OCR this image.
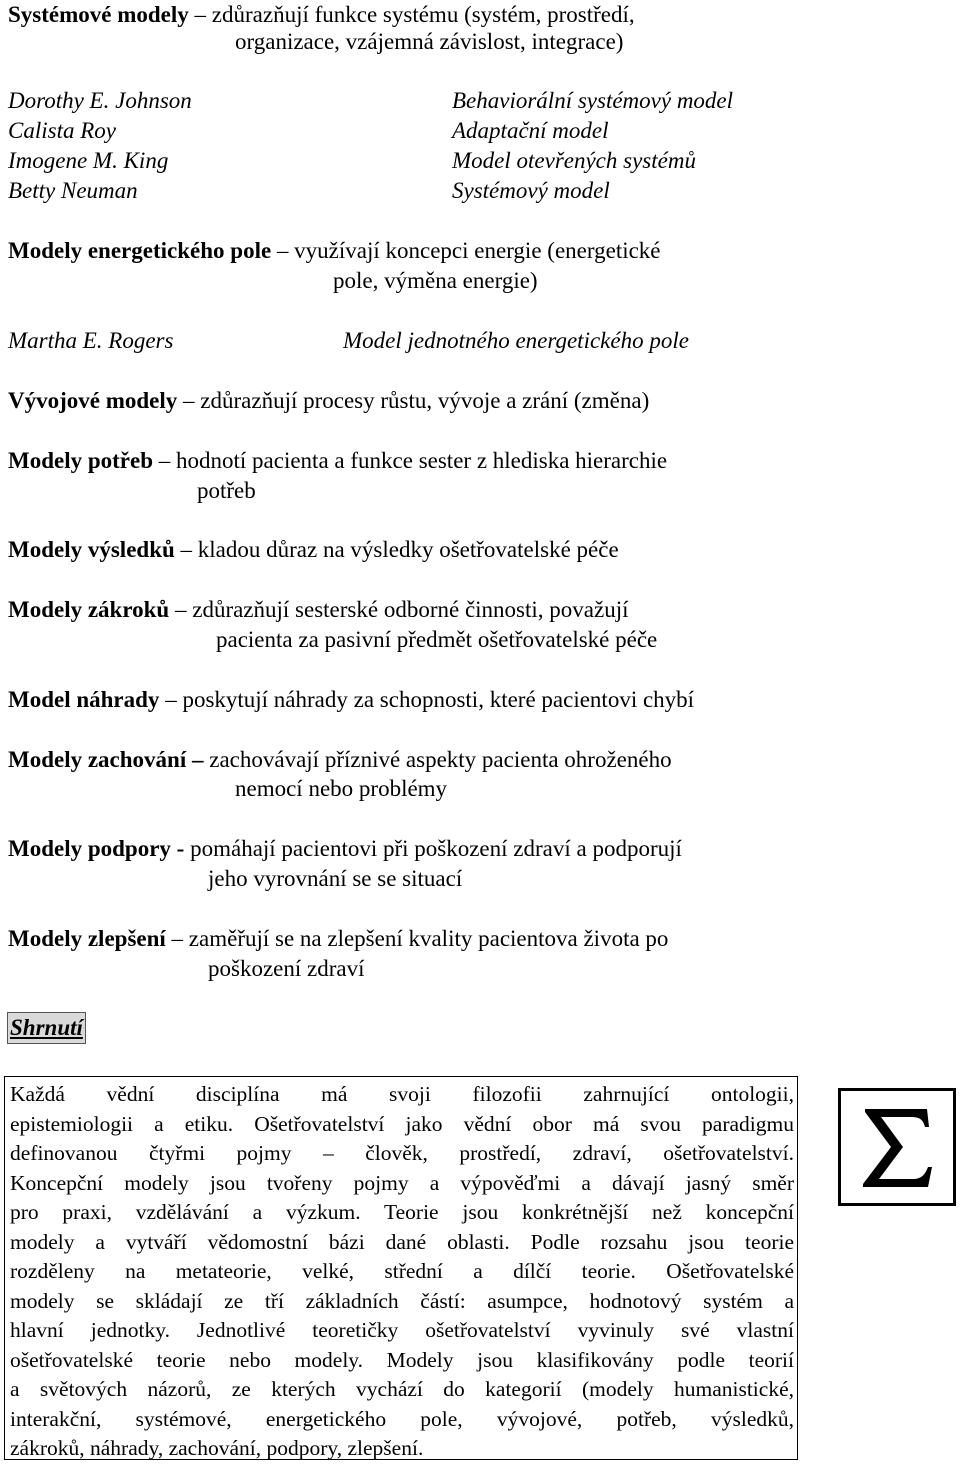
Systémové modely – zdůrazňují funkce systému (systém, prostředí,
organizace, vzájemná závislost, integrace)
Dorothy E. Johnson	Behaviorální systémový model
Calista Roy	Adaptační model
Imogene M. King	Model otevřených systémů
Betty Neuman	Systémový model
Modely energetického pole – využívají koncepci energie (energetické
pole, výměna energie)
Martha E. Rogers	Model jednotného energetického pole
Vývojové modely – zdůrazňují procesy růstu, vývoje a zrání (změna)
Modely potřeb – hodnotí pacienta a funkce sester z hlediska hierarchie
potřeb
Modely výsledků – kladou důraz na výsledky ošetřovatelské péče
Modely zákroků – zdůrazňují sesterské odborné činnosti, považují
pacienta za pasivní předmět ošetřovatelské péče
Model náhrady – poskytují náhrady za schopnosti, které pacientovi chybí
Modely zachování – zachovávají příznivé aspekty pacienta ohroženého
nemocí nebo problémy
Modely podpory - pomáhají pacientovi při poškození zdraví a podporují
jeho vyrovnání se se situací
Modely zlepšení – zaměřují se na zlepšení kvality pacientova života po
poškození zdraví
Shrnutí
Každá vědní disciplína má svoji filozofii zahrnující ontologii,
epistemiologii a etiku. Ošetřovatelství jako vědní obor má svou paradigmu
definovanou čtyřmi pojmy – člověk, prostředí, zdraví, ošetřovatelství.
Koncepční modely jsou tvořeny pojmy a výpověďmi a dávají jasný směr
pro praxi, vzdělávání a výzkum. Teorie jsou konkrétnější než koncepční
modely a vytváří vědomostní bázi dané oblasti. Podle rozsahu jsou teorie
rozděleny na metateorie, velké, střední a dílčí teorie. Ošetřovatelské
modely se skládají ze tří základních částí: asumpce, hodnotový systém a
hlavní jednotky. Jednotlivé teoretičky ošetřovatelství vyvinuly své vlastní
ošetřovatelské teorie nebo modely. Modely jsou klasifikovány podle teorií
a světových názorů, ze kterých vychází do kategorií (modely humanistické,
interakční, systémové, energetického pole, vývojové, potřeb, výsledků,
zákroků, náhrady, zachování, podpory, zlepšení.
